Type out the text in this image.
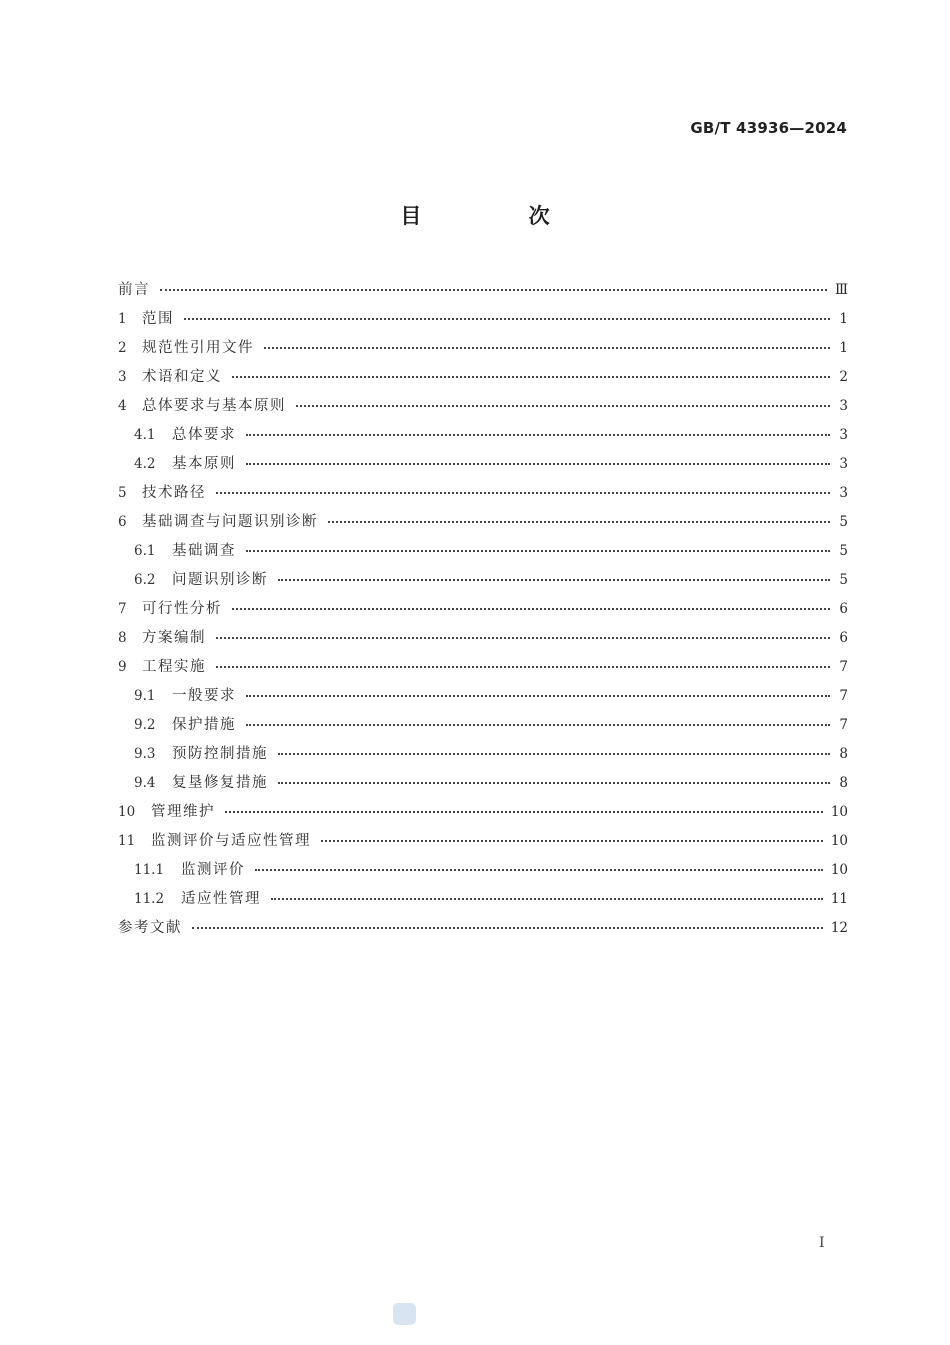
GB/T 43936—2024
目 次
前言	Ⅲ
1	范围	1
2	规范性引用文件	1
3	术语和定义	2
4	总体要求与基本原则	3
4.1	总体要求	3
4.2	基本原则	3
5	技术路径	3
6	基础调查与问题识别诊断	5
6.1	基础调查	5
6.2	问题识别诊断	5
7	可行性分析	6
8	方案编制	6
9	工程实施	7
9.1	一般要求	7
9.2	保护措施	7
9.3	预防控制措施	8
9.4	复垦修复措施	8
10	管理维护	10
11	监测评价与适应性管理	10
11.1	监测评价	10
11.2	适应性管理	11
参考文献	12
I
